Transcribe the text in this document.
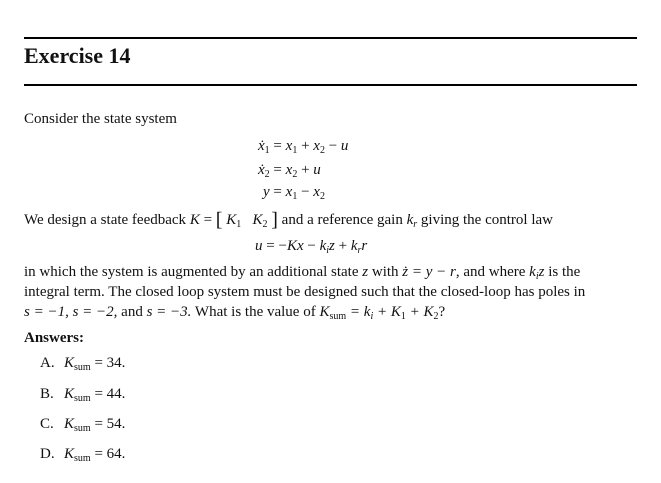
Exercise 14
Consider the state system
ẋ$_1$ = $x_1 + x_2 - u$
ẋ$_2$ = $x_2 + u$
$y = x_1 - x_2$
We design a state feedback K = [ $K_1$ $K_2$ ] and a reference gain $k_r$ giving the control law
$u = -Kx - k_iz + k_rr$
in which the system is augmented by an additional state z with ż = y − r, and where $k_iz$ is the
integral term. The closed loop system must be designed such that the closed-loop has poles in
s = −1, s = −2, and s = −3. What is the value of $K_{sum} = k_i + K_1 + K_2$?
Answers:
A. $K_{sum} = 34$.
B. $K_{sum} = 44$.
C. $K_{sum} = 54$.
D. $K_{sum} = 64$.
